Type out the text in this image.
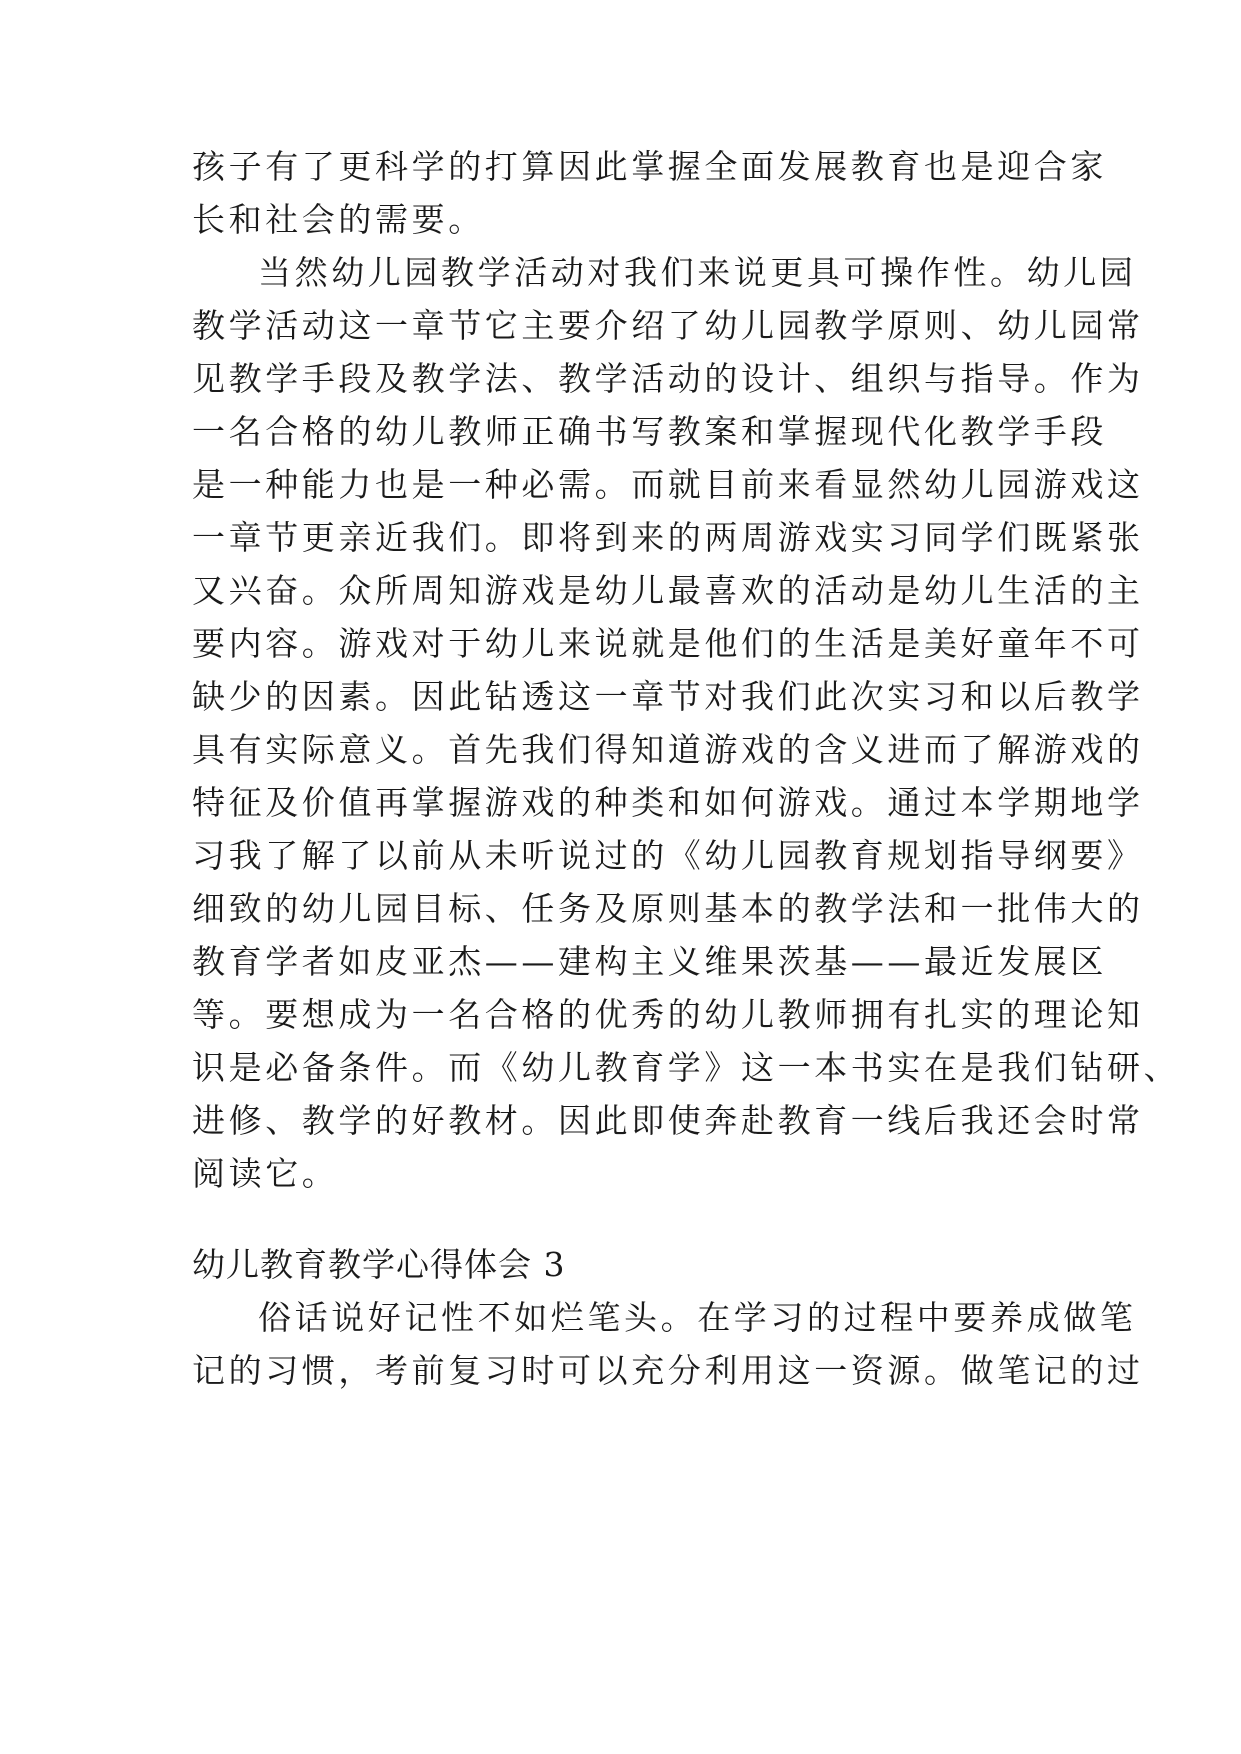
孩子有了更科学的打算因此掌握全面发展教育也是迎合家
长和社会的需要。
当然幼儿园教学活动对我们来说更具可操作性。幼儿园
教学活动这一章节它主要介绍了幼儿园教学原则、幼儿园常
见教学手段及教学法、教学活动的设计、组织与指导。作为
一名合格的幼儿教师正确书写教案和掌握现代化教学手段
是一种能力也是一种必需。而就目前来看显然幼儿园游戏这
一章节更亲近我们。即将到来的两周游戏实习同学们既紧张
又兴奋。众所周知游戏是幼儿最喜欢的活动是幼儿生活的主
要内容。游戏对于幼儿来说就是他们的生活是美好童年不可
缺少的因素。因此钻透这一章节对我们此次实习和以后教学
具有实际意义。首先我们得知道游戏的含义进而了解游戏的
特征及价值再掌握游戏的种类和如何游戏。通过本学期地学
习我了解了以前从未听说过的《幼儿园教育规划指导纲要》
细致的幼儿园目标、任务及原则基本的教学法和一批伟大的
教育学者如皮亚杰——建构主义维果茨基——最近发展区
等。要想成为一名合格的优秀的幼儿教师拥有扎实的理论知
识是必备条件。而《幼儿教育学》这一本书实在是我们钻研、
进修、教学的好教材。因此即使奔赴教育一线后我还会时常
阅读它。
幼儿教育教学心得体会 3
俗话说好记性不如烂笔头。在学习的过程中要养成做笔
记的习惯，考前复习时可以充分利用这一资源。做笔记的过
